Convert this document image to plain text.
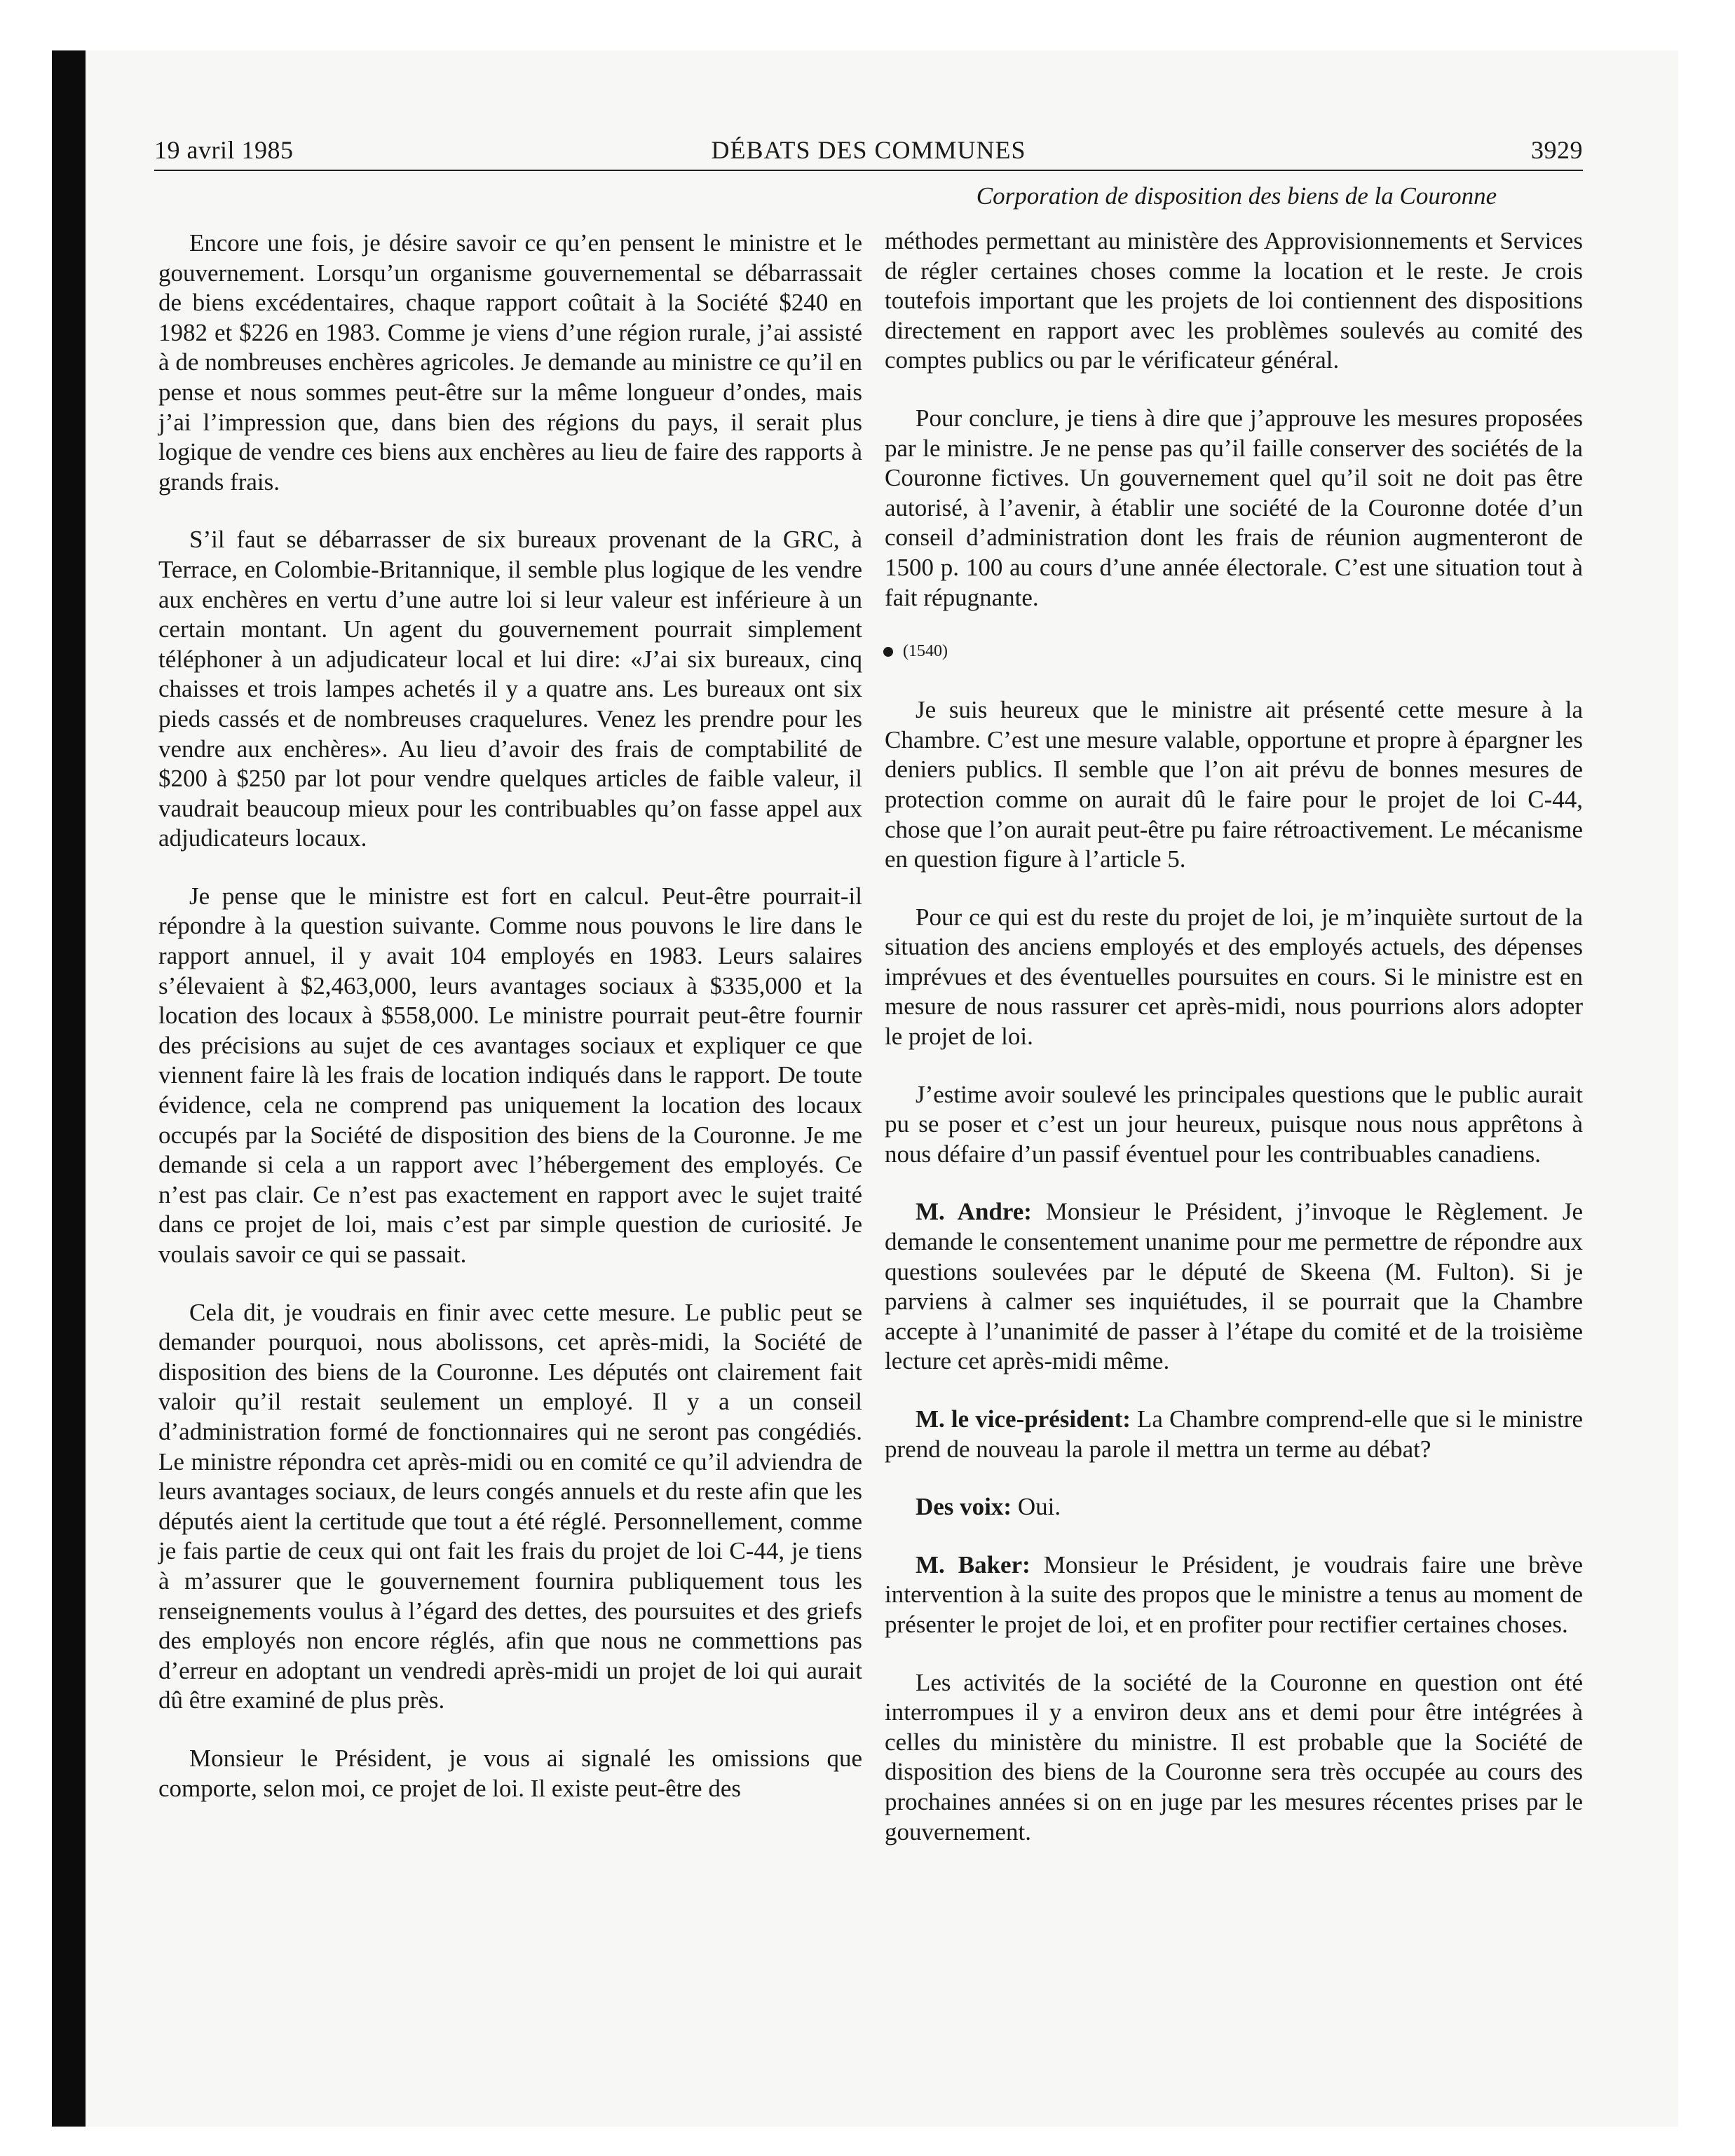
19 avril 1985	DÉBATS DES COMMUNES	3929
Corporation de disposition des biens de la Couronne

Encore une fois, je désire savoir ce qu’en pensent le ministre et le gouvernement. Lorsqu’un organisme gouvernemental se débarrassait de biens excédentaires, chaque rapport coûtait à la Société $240 en 1982 et $226 en 1983. Comme je viens d’une région rurale, j’ai assisté à de nombreuses enchères agricoles. Je demande au ministre ce qu’il en pense et nous sommes peut-être sur la même longueur d’ondes, mais j’ai l’impression que, dans bien des régions du pays, il serait plus logique de vendre ces biens aux enchères au lieu de faire des rapports à grands frais.

S’il faut se débarrasser de six bureaux provenant de la GRC, à Terrace, en Colombie-Britannique, il semble plus logique de les vendre aux enchères en vertu d’une autre loi si leur valeur est inférieure à un certain montant. Un agent du gouvernement pourrait simplement téléphoner à un adjudicateur local et lui dire: «J’ai six bureaux, cinq chaisses et trois lampes achetés il y a quatre ans. Les bureaux ont six pieds cassés et de nombreuses craquelures. Venez les prendre pour les vendre aux enchères». Au lieu d’avoir des frais de comptabilité de $200 à $250 par lot pour vendre quelques articles de faible valeur, il vaudrait beaucoup mieux pour les contribuables qu’on fasse appel aux adjudicateurs locaux.

Je pense que le ministre est fort en calcul. Peut-être pourrait-il répondre à la question suivante. Comme nous pouvons le lire dans le rapport annuel, il y avait 104 employés en 1983. Leurs salaires s’élevaient à $2,463,000, leurs avantages sociaux à $335,000 et la location des locaux à $558,000. Le ministre pourrait peut-être fournir des précisions au sujet de ces avantages sociaux et expliquer ce que viennent faire là les frais de location indiqués dans le rapport. De toute évidence, cela ne comprend pas uniquement la location des locaux occupés par la Société de disposition des biens de la Couronne. Je me demande si cela a un rapport avec l’hébergement des employés. Ce n’est pas clair. Ce n’est pas exactement en rapport avec le sujet traité dans ce projet de loi, mais c’est par simple question de curiosité. Je voulais savoir ce qui se passait.

Cela dit, je voudrais en finir avec cette mesure. Le public peut se demander pourquoi, nous abolissons, cet après-midi, la Société de disposition des biens de la Couronne. Les députés ont clairement fait valoir qu’il restait seulement un employé. Il y a un conseil d’administration formé de fonctionnaires qui ne seront pas congédiés. Le ministre répondra cet après-midi ou en comité ce qu’il adviendra de leurs avantages sociaux, de leurs congés annuels et du reste afin que les députés aient la certitude que tout a été réglé. Personnellement, comme je fais partie de ceux qui ont fait les frais du projet de loi C-44, je tiens à m’assurer que le gouvernement fournira publiquement tous les renseignements voulus à l’égard des dettes, des poursuites et des griefs des employés non encore réglés, afin que nous ne commettions pas d’erreur en adoptant un vendredi après-midi un projet de loi qui aurait dû être examiné de plus près.

Monsieur le Président, je vous ai signalé les omissions que comporte, selon moi, ce projet de loi. Il existe peut-être des

méthodes permettant au ministère des Approvisionnements et Services de régler certaines choses comme la location et le reste. Je crois toutefois important que les projets de loi contiennent des dispositions directement en rapport avec les problèmes soulevés au comité des comptes publics ou par le vérificateur général.

Pour conclure, je tiens à dire que j’approuve les mesures proposées par le ministre. Je ne pense pas qu’il faille conserver des sociétés de la Couronne fictives. Un gouvernement quel qu’il soit ne doit pas être autorisé, à l’avenir, à établir une société de la Couronne dotée d’un conseil d’administration dont les frais de réunion augmenteront de 1500 p. 100 au cours d’une année électorale. C’est une situation tout à fait répugnante.

(1540)

Je suis heureux que le ministre ait présenté cette mesure à la Chambre. C’est une mesure valable, opportune et propre à épargner les deniers publics. Il semble que l’on ait prévu de bonnes mesures de protection comme on aurait dû le faire pour le projet de loi C-44, chose que l’on aurait peut-être pu faire rétroactivement. Le mécanisme en question figure à l’article 5.

Pour ce qui est du reste du projet de loi, je m’inquiète surtout de la situation des anciens employés et des employés actuels, des dépenses imprévues et des éventuelles poursuites en cours. Si le ministre est en mesure de nous rassurer cet après-midi, nous pourrions alors adopter le projet de loi.

J’estime avoir soulevé les principales questions que le public aurait pu se poser et c’est un jour heureux, puisque nous nous apprêtons à nous défaire d’un passif éventuel pour les contribuables canadiens.

M. Andre: Monsieur le Président, j’invoque le Règlement. Je demande le consentement unanime pour me permettre de répondre aux questions soulevées par le député de Skeena (M. Fulton). Si je parviens à calmer ses inquiétudes, il se pourrait que la Chambre accepte à l’unanimité de passer à l’étape du comité et de la troisième lecture cet après-midi même.

M. le vice-président: La Chambre comprend-elle que si le ministre prend de nouveau la parole il mettra un terme au débat?

Des voix: Oui.

M. Baker: Monsieur le Président, je voudrais faire une brève intervention à la suite des propos que le ministre a tenus au moment de présenter le projet de loi, et en profiter pour rectifier certaines choses.

Les activités de la société de la Couronne en question ont été interrompues il y a environ deux ans et demi pour être intégrées à celles du ministère du ministre. Il est probable que la Société de disposition des biens de la Couronne sera très occupée au cours des prochaines années si on en juge par les mesures récentes prises par le gouvernement.
